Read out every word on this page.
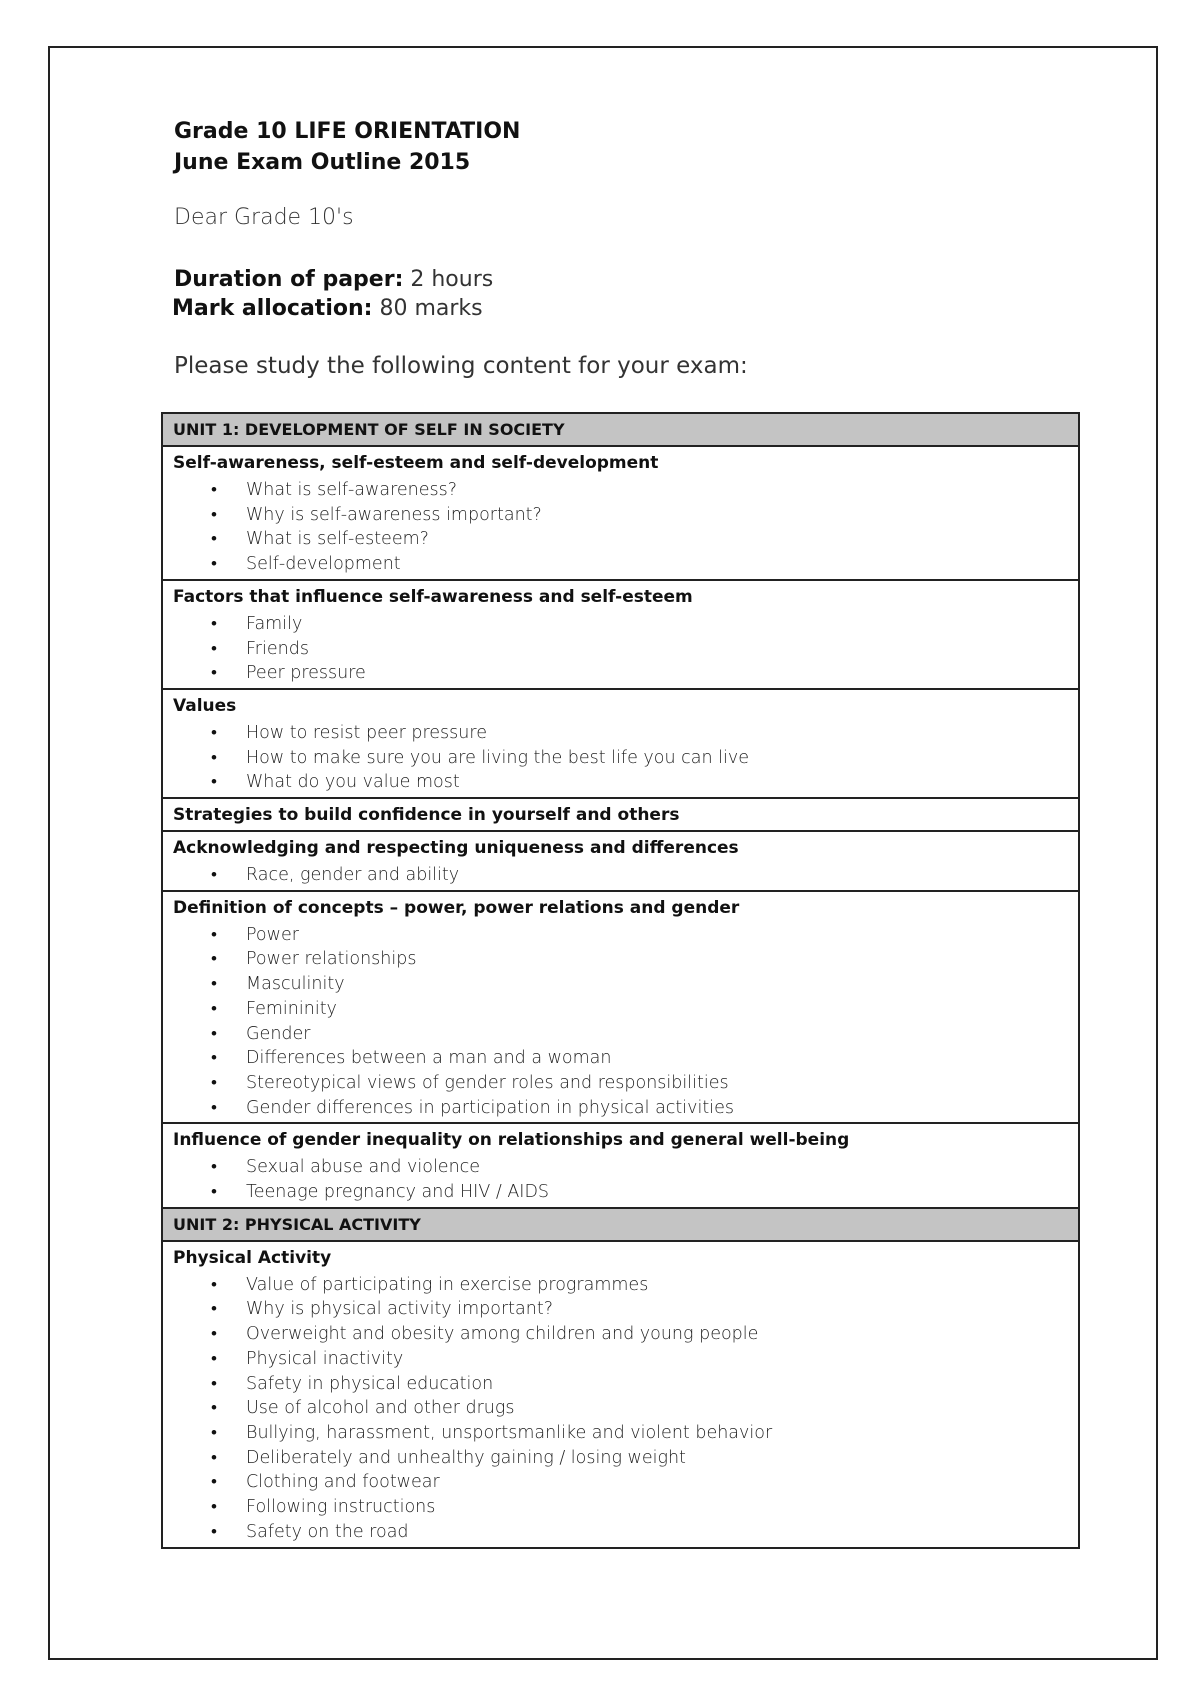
Grade 10 LIFE ORIENTATION

June Exam Outline 2015

Dear Grade 10's
Duration of paper: 2 hours
Mark allocation: 80 marks
Please study the following content for your exam:
UNIT 1: DEVELOPMENT OF SELF IN SOCIETY

Self-awareness, self-esteem and self-development
• What is self-awareness?
• Why is self-awareness important?
• What is self-esteem?
• Self-development

Factors that influence self-awareness and self-esteem
• Family
• Friends
• Peer pressure

Values
• How to resist peer pressure
• How to make sure you are living the best life you can live
• What do you value most

Strategies to build confidence in yourself and others

Acknowledging and respecting uniqueness and differences
• Race, gender and ability

Definition of concepts – power, power relations and gender
• Power
• Power relationships
• Masculinity
• Femininity
• Gender
• Differences between a man and a woman
• Stereotypical views of gender roles and responsibilities
• Gender differences in participation in physical activities

Influence of gender inequality on relationships and general well-being
• Sexual abuse and violence
• Teenage pregnancy and HIV / AIDS

UNIT 2: PHYSICAL ACTIVITY

Physical Activity
• Value of participating in exercise programmes
• Why is physical activity important?
• Overweight and obesity among children and young people
• Physical inactivity
• Safety in physical education
• Use of alcohol and other drugs
• Bullying, harassment, unsportsmanlike and violent behavior
• Deliberately and unhealthy gaining / losing weight
• Clothing and footwear
• Following instructions
• Safety on the road
